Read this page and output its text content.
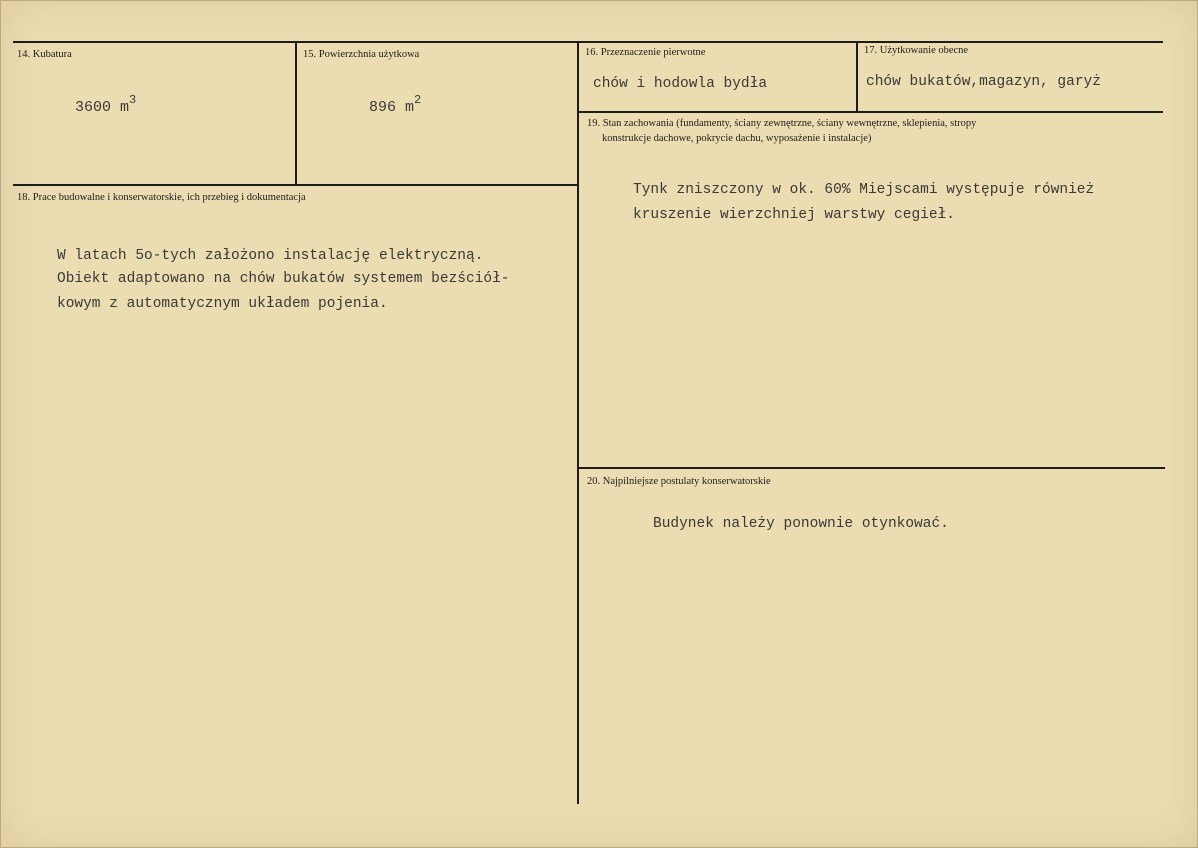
14. Kubatura
3600 $m^3$
15. Powierzchnia użytkowa
896 $m^2$
16. Przeznaczenie pierwotne
chów i hodowla bydła
17. Użytkowanie obecne
chów bukatów,magazyn, garyż
19. Stan zachowania (fundamenty, ściany zewnętrzne, ściany wewnętrzne, sklepienia, stropy
konstrukcje dachowe, pokrycie dachu, wyposażenie i instalacje)
Tynk zniszczony w ok. 60% Miejscami występuje również
kruszenie wierzchniej warstwy cegieł.
18. Prace budowalne i konserwatorskie, ich przebieg i dokumentacja
W latach 5o-tych założono instalację elektryczną.
Obiekt adaptowano na chów bukatów systemem bezściół-
kowym z automatycznym układem pojenia.
20. Najpilniejsze postulaty konserwatorskie
Budynek należy ponownie otynkować.
